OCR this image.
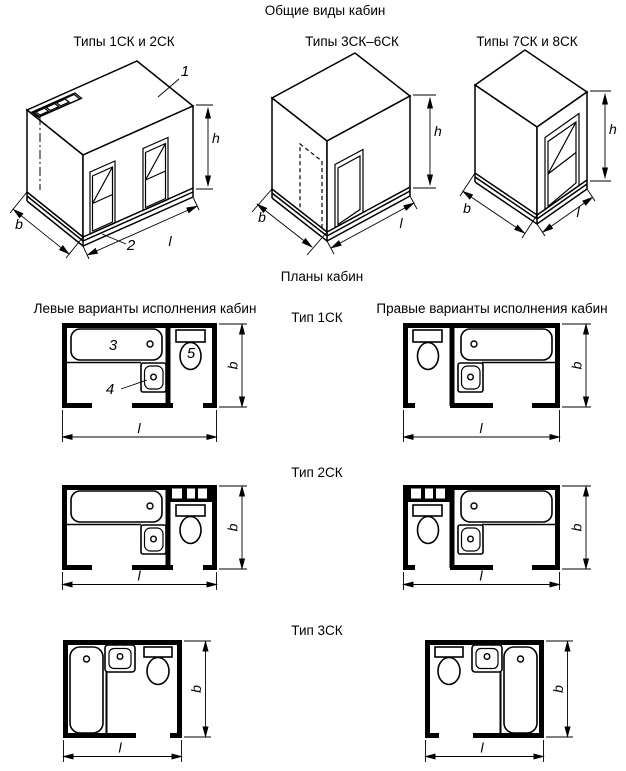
Общие виды кабин
Типы 1СК и 2СК
1
2
h
b
l
Типы 3СК–6СК
h
b	l
Типы 7СК и 8СК
h
b	l
Планы кабин
Левые варианты исполнения кабин	Правые варианты исполнения кабин
Тип 1СК
3
4
5
b
l
b
l
Тип 2СК
b
l
b
l
Тип 3СК
b
l
b
l
